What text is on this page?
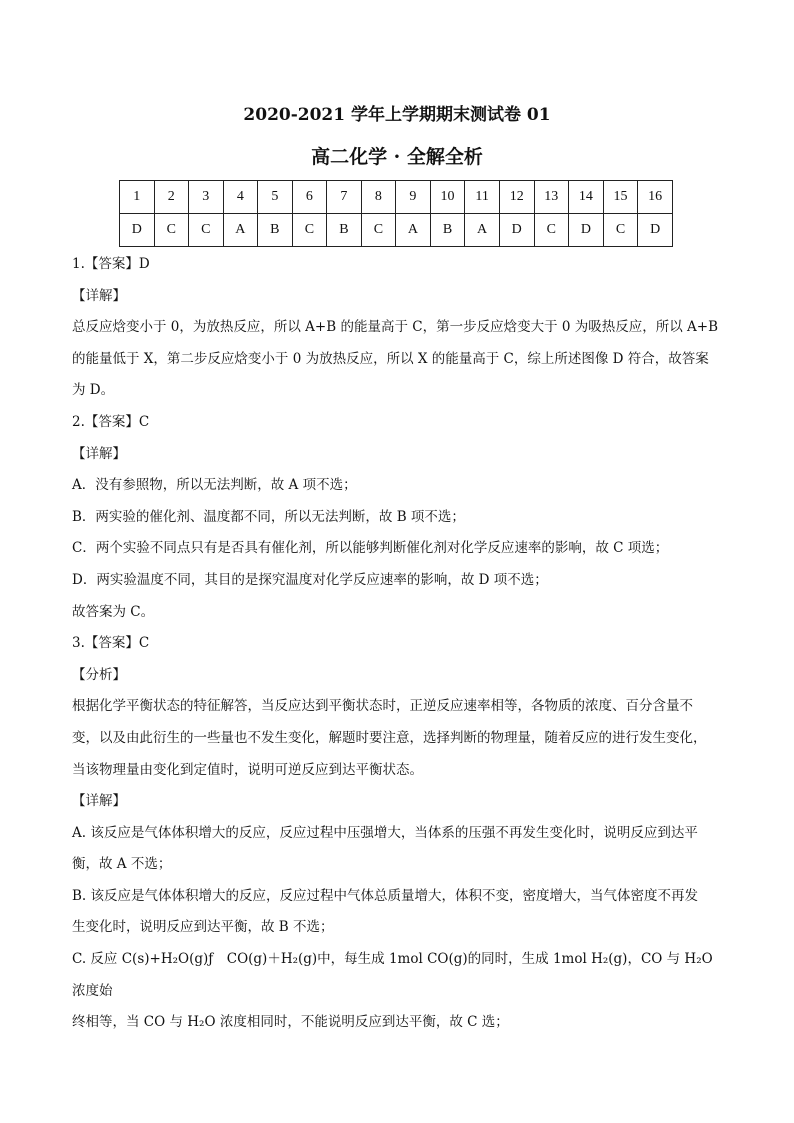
2020-2021 学年上学期期末测试卷 01
高二化学 · 全解全析
1	2	3	4	5	6	7	8	9	10	11	12	13	14	15	16
D	C	C	A	B	C	B	C	A	B	A	D	C	D	C	D

1.【答案】D

【详解】

总反应焓变小于 0，为放热反应，所以 A+B 的能量高于 C，第一步反应焓变大于 0 为吸热反应，所以 A+B

的能量低于 X，第二步反应焓变小于 0 为放热反应，所以 X 的能量高于 C，综上所述图像 D 符合，故答案

为 D。

2.【答案】C

【详解】

A．没有参照物，所以无法判断，故 A 项不选；

B．两实验的催化剂、温度都不同，所以无法判断，故 B 项不选；

C．两个实验不同点只有是否具有催化剂，所以能够判断催化剂对化学反应速率的影响，故 C 项选；

D．两实验温度不同，其目的是探究温度对化学反应速率的影响，故 D 项不选；

故答案为 C。

3.【答案】C

【分析】

根据化学平衡状态的特征解答，当反应达到平衡状态时，正逆反应速率相等，各物质的浓度、百分含量不

变，以及由此衍生的一些量也不发生变化，解题时要注意，选择判断的物理量，随着反应的进行发生变化，

当该物理量由变化到定值时，说明可逆反应到达平衡状态。

【详解】

A. 该反应是气体体积增大的反应，反应过程中压强增大，当体系的压强不再发生变化时，说明反应到达平

衡，故 A 不选；

B. 该反应是气体体积增大的反应，反应过程中气体总质量增大，体积不变，密度增大，当气体密度不再发

生变化时，说明反应到达平衡，故 B 不选；

C. 反应 C(s)+H₂O(g)ƒ　CO(g)＋H₂(g)中，每生成 1mol CO(g)的同时，生成 1mol H₂(g)，CO 与 H₂O 浓度始

终相等，当 CO 与 H₂O 浓度相同时，不能说明反应到达平衡，故 C 选；
